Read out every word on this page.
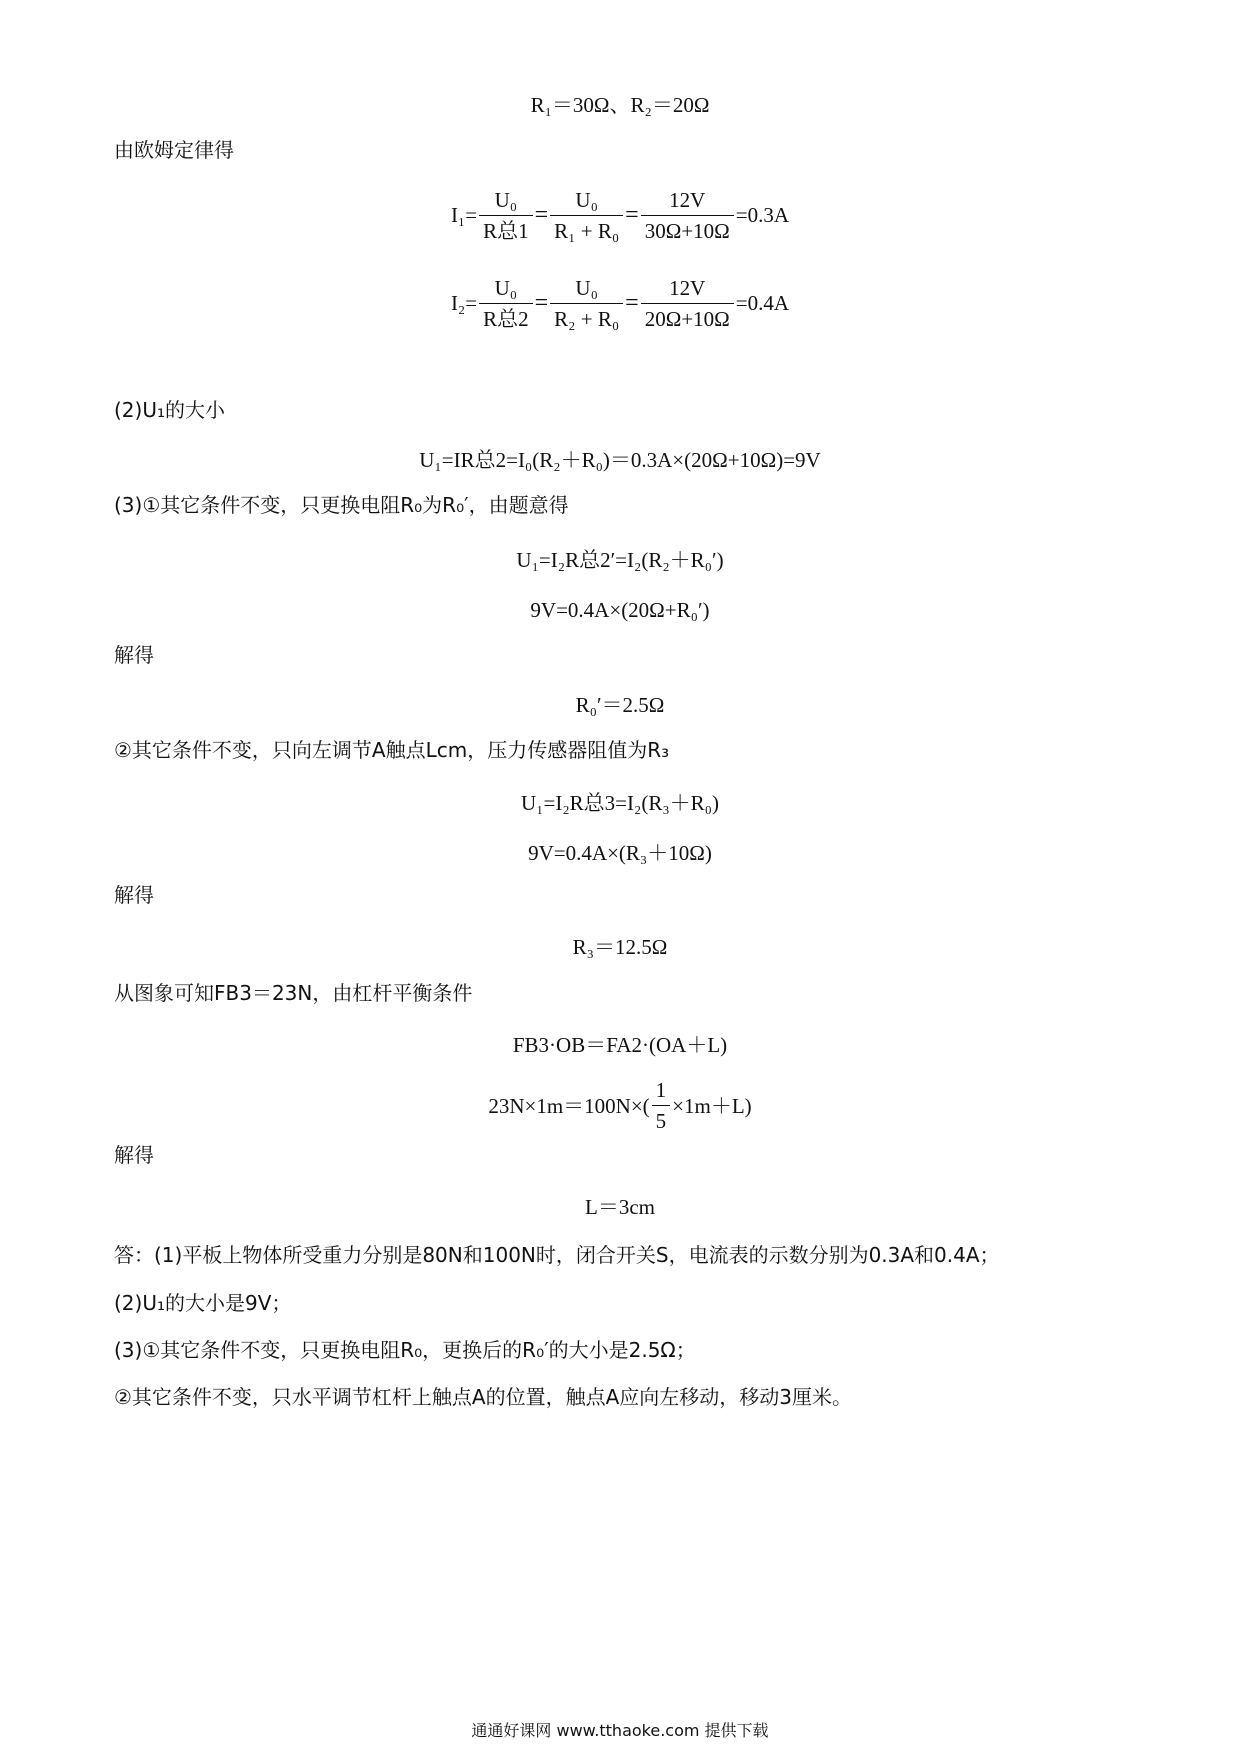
R₁＝30Ω、R₂＝20Ω
由欧姆定律得
$I_1= \frac{\text{U₀}}{\text{R总1}} = \frac{\text{U₀}}{\text{R₁ + R₀}} = \frac{12V}{30\Omega+10\Omega} =0.3A$
$I_2= \frac{\text{U₀}}{\text{R总2}} = \frac{\text{U₀}}{\text{R₂ + R₀}} = \frac{12V}{20\Omega+10\Omega} =0.4A$
(2)U₁的大小
U₁=IR总2=I₀(R₂＋R₀)＝0.3A×(20Ω+10Ω)=9V
(3)①其它条件不变，只更换电阻R₀为R₀′，由题意得
U₁=I₂R总2′=I₂(R₂＋R₀′)
9V=0.4A×(20Ω+R₀′)
解得
R₀′＝2.5Ω
②其它条件不变，只向左调节A触点Lcm，压力传感器阻值为R₃
U₁=I₂R总3=I₂(R₃＋R₀)
9V=0.4A×(R₃＋10Ω)
解得
R₃＝12.5Ω
从图象可知FB3＝23N，由杠杆平衡条件
FB3·OB＝FA2·(OA＋L)
$23N\times 1m=100N\times( \frac{1}{5} \times 1m+L)$
解得
L＝3cm
答：(1)平板上物体所受重力分别是80N和100N时，闭合开关S，电流表的示数分别为0.3A和0.4A；
(2)U₁的大小是9V；
(3)①其它条件不变，只更换电阻R₀，更换后的R₀′的大小是2.5Ω；
②其它条件不变，只水平调节杠杆上触点A的位置，触点A应向左移动，移动3厘米。
通通好课网 www.tthaoke.com 提供下载
